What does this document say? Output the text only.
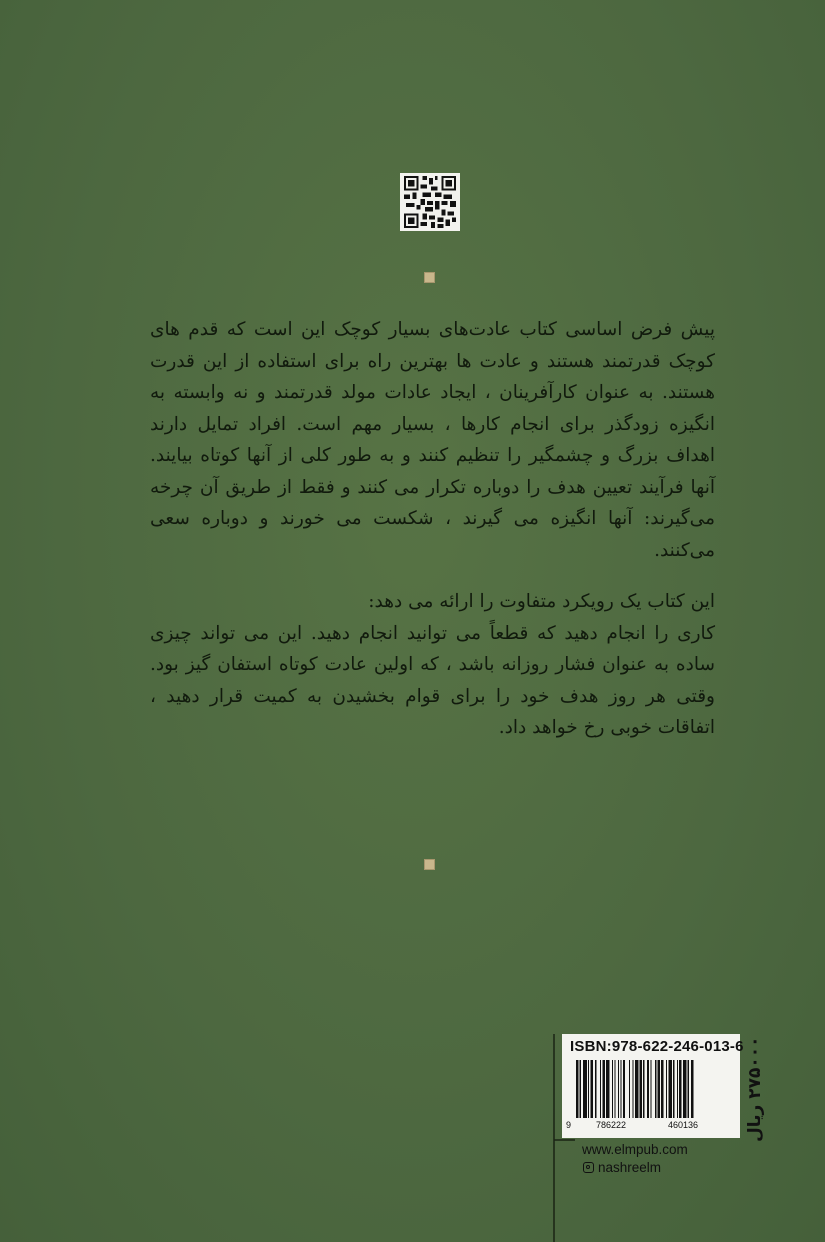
پیش فرض اساسی کتاب عادت‌های بسیار کوچک این است که قدم های کوچک قدرتمند هستند و عادت ها بهترین راه برای استفاده از این قدرت هستند. به عنوان کارآفرینان ، ایجاد عادات مولد قدرتمند و نه وابسته به انگیزه زودگذر برای انجام کارها ، بسیار مهم است. افراد تمایل دارند اهداف بزرگ و چشمگیر را تنظیم کنند و به طور کلی از آنها کوتاه بیایند. آنها فرآیند تعیین هدف را دوباره تکرار می کنند و فقط از طریق آن چرخه می‌گیرند: آنها انگیزه می گیرند ، شکست می خورند و دوباره سعی می‌کنند.

این کتاب یک رویکرد متفاوت را ارائه می دهد:

کاری را انجام دهید که قطعاً می توانید انجام دهید. این می تواند چیزی ساده به عنوان فشار روزانه باشد ، که اولین عادت کوتاه استفان گیز بود. وقتی هر روز هدف خود را برای قوام بخشیدن به کمیت قرار دهید ، اتفاقات خوبی رخ خواهد داد.

ISBN:978-622-246-013-6
9	786222	460136	۲۷۵۰۰۰ ریال
www.elmpub.com
nashreelm
